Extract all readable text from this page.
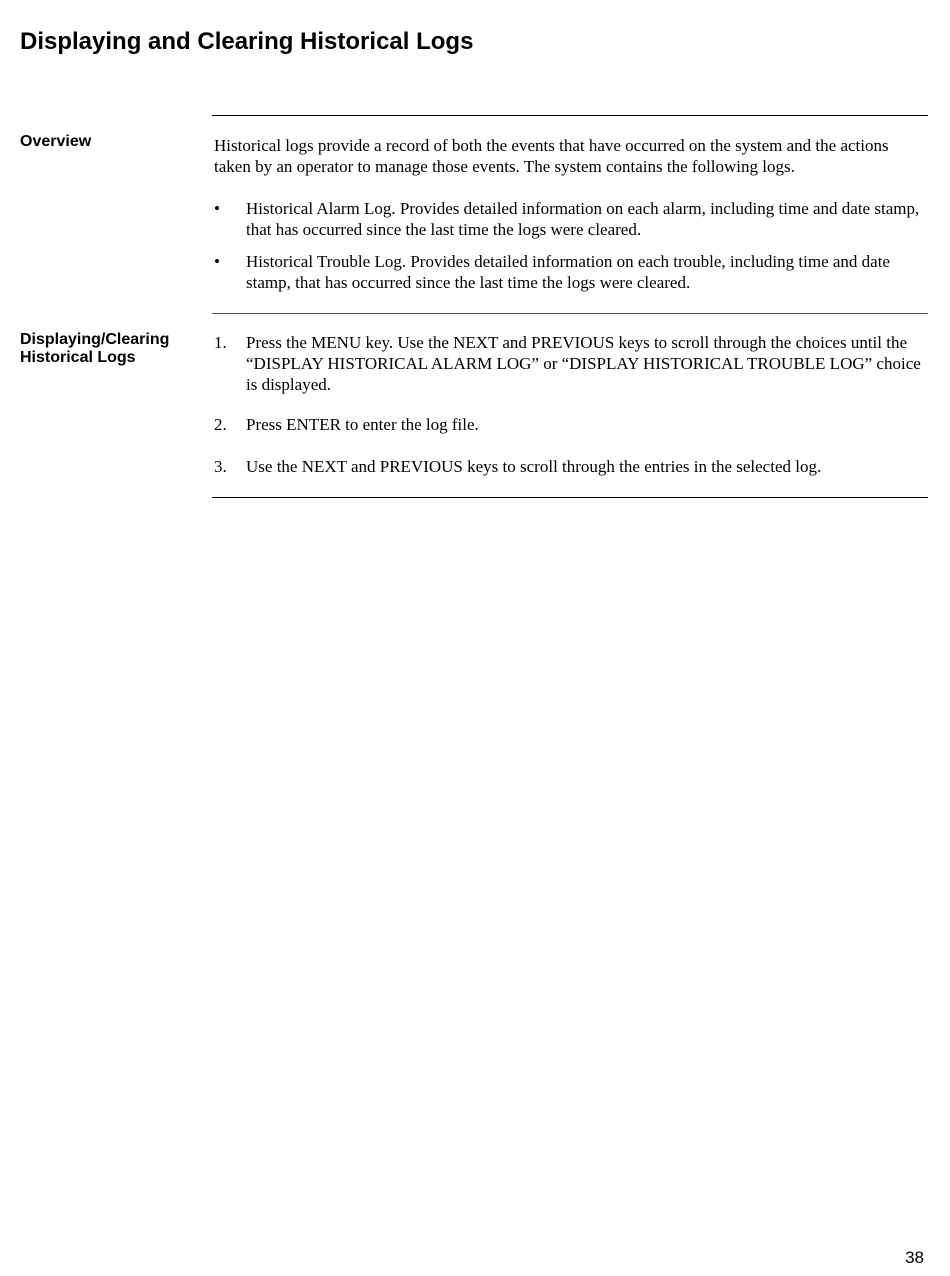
Displaying and Clearing Historical Logs
Overview	Historical logs provide a record of both the events that have occurred on the system and the actions taken by an operator to manage those events. The system contains the following logs.

• Historical Alarm Log. Provides detailed information on each alarm, including time and date stamp, that has occurred since the last time the logs were cleared.
• Historical Trouble Log. Provides detailed information on each trouble, including time and date stamp, that has occurred since the last time the logs were cleared.
Displaying/Clearing Historical Logs
1. Press the MENU key. Use the NEXT and PREVIOUS keys to scroll through the choices until the “DISPLAY HISTORICAL ALARM LOG” or “DISPLAY HISTORICAL TROUBLE LOG” choice is displayed.
2. Press ENTER to enter the log file.
3. Use the NEXT and PREVIOUS keys to scroll through the entries in the selected log.
38
